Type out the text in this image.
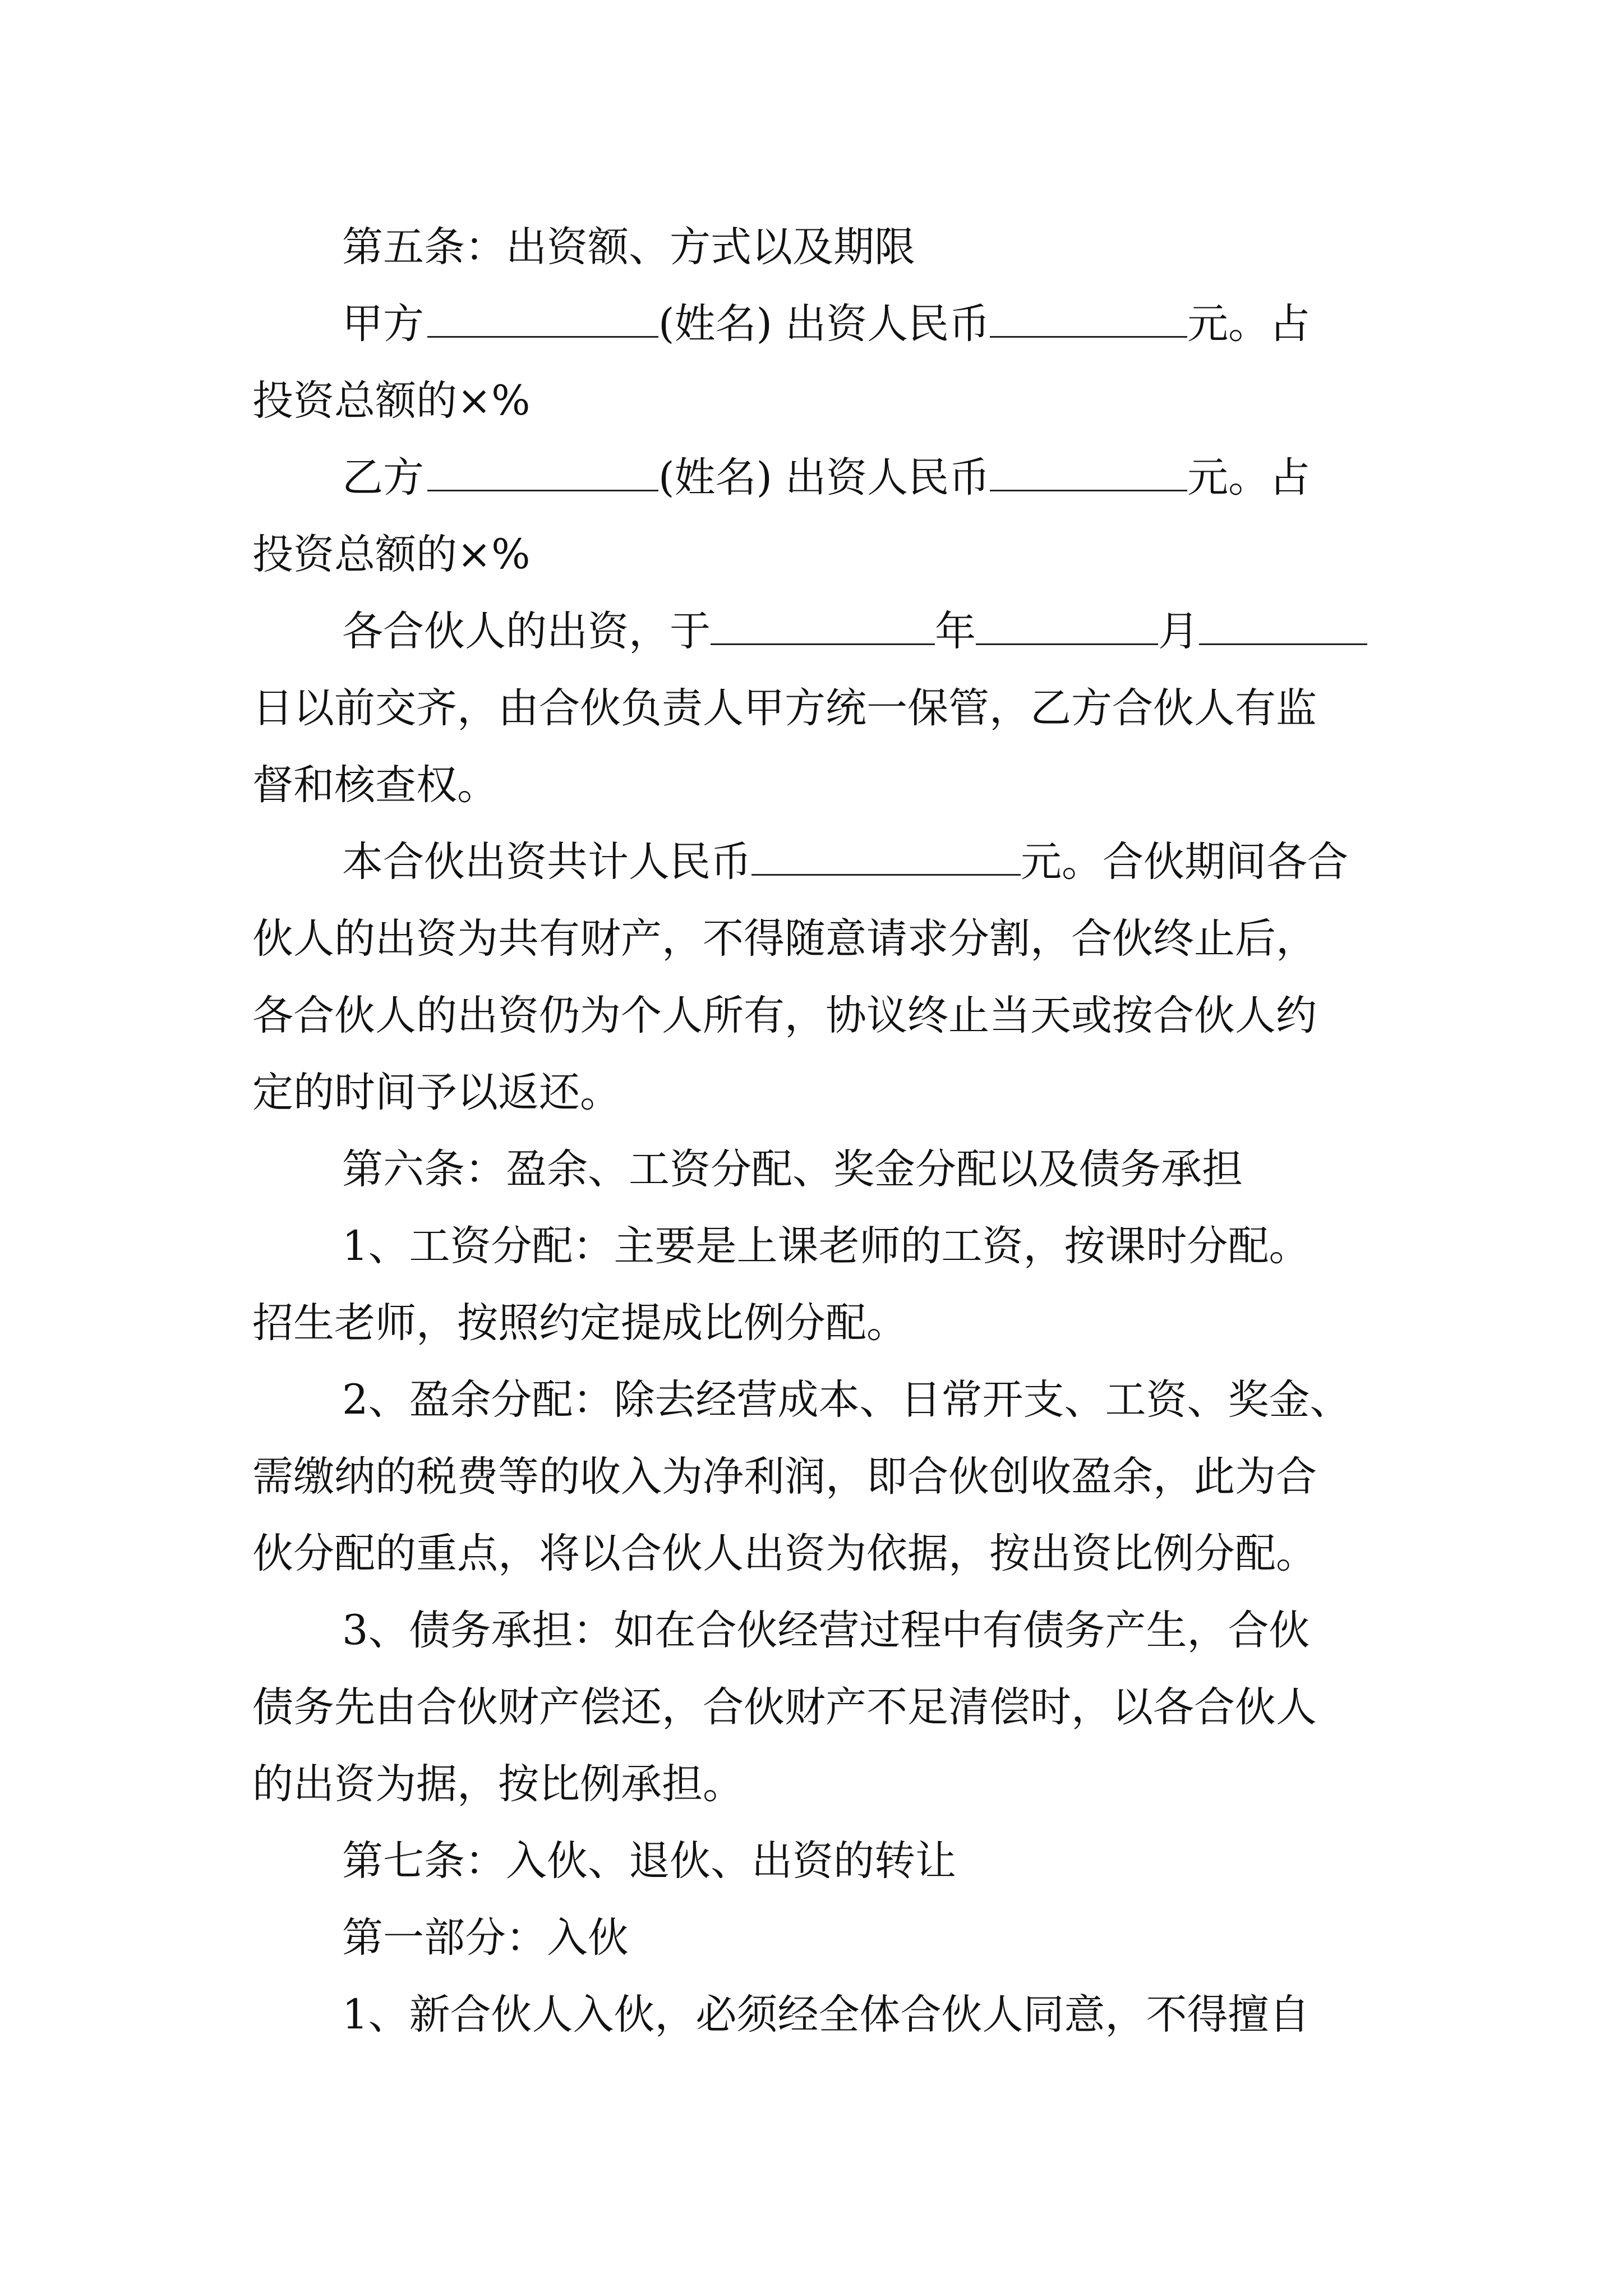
第五条：出资额、方式以及期限
甲方	(姓名) 出资人民币	元。占
投资总额的×%
乙方	(姓名) 出资人民币	元。占
投资总额的×%
各合伙人的出资，于	年	月
日以前交齐，由合伙负责人甲方统一保管，乙方合伙人有监
督和核查权。
本合伙出资共计人民币	元。合伙期间各合
伙人的出资为共有财产，不得随意请求分割，合伙终止后，
各合伙人的出资仍为个人所有，协议终止当天或按合伙人约
定的时间予以返还。
第六条：盈余、工资分配、奖金分配以及债务承担
1、工资分配：主要是上课老师的工资，按课时分配。
招生老师，按照约定提成比例分配。
2、盈余分配：除去经营成本、日常开支、工资、奖金、
需缴纳的税费等的收入为净利润，即合伙创收盈余，此为合
伙分配的重点，将以合伙人出资为依据，按出资比例分配。
3、债务承担：如在合伙经营过程中有债务产生，合伙
债务先由合伙财产偿还，合伙财产不足清偿时，以各合伙人
的出资为据，按比例承担。
第七条：入伙、退伙、出资的转让
第一部分：入伙
1、新合伙人入伙，必须经全体合伙人同意，不得擅自
